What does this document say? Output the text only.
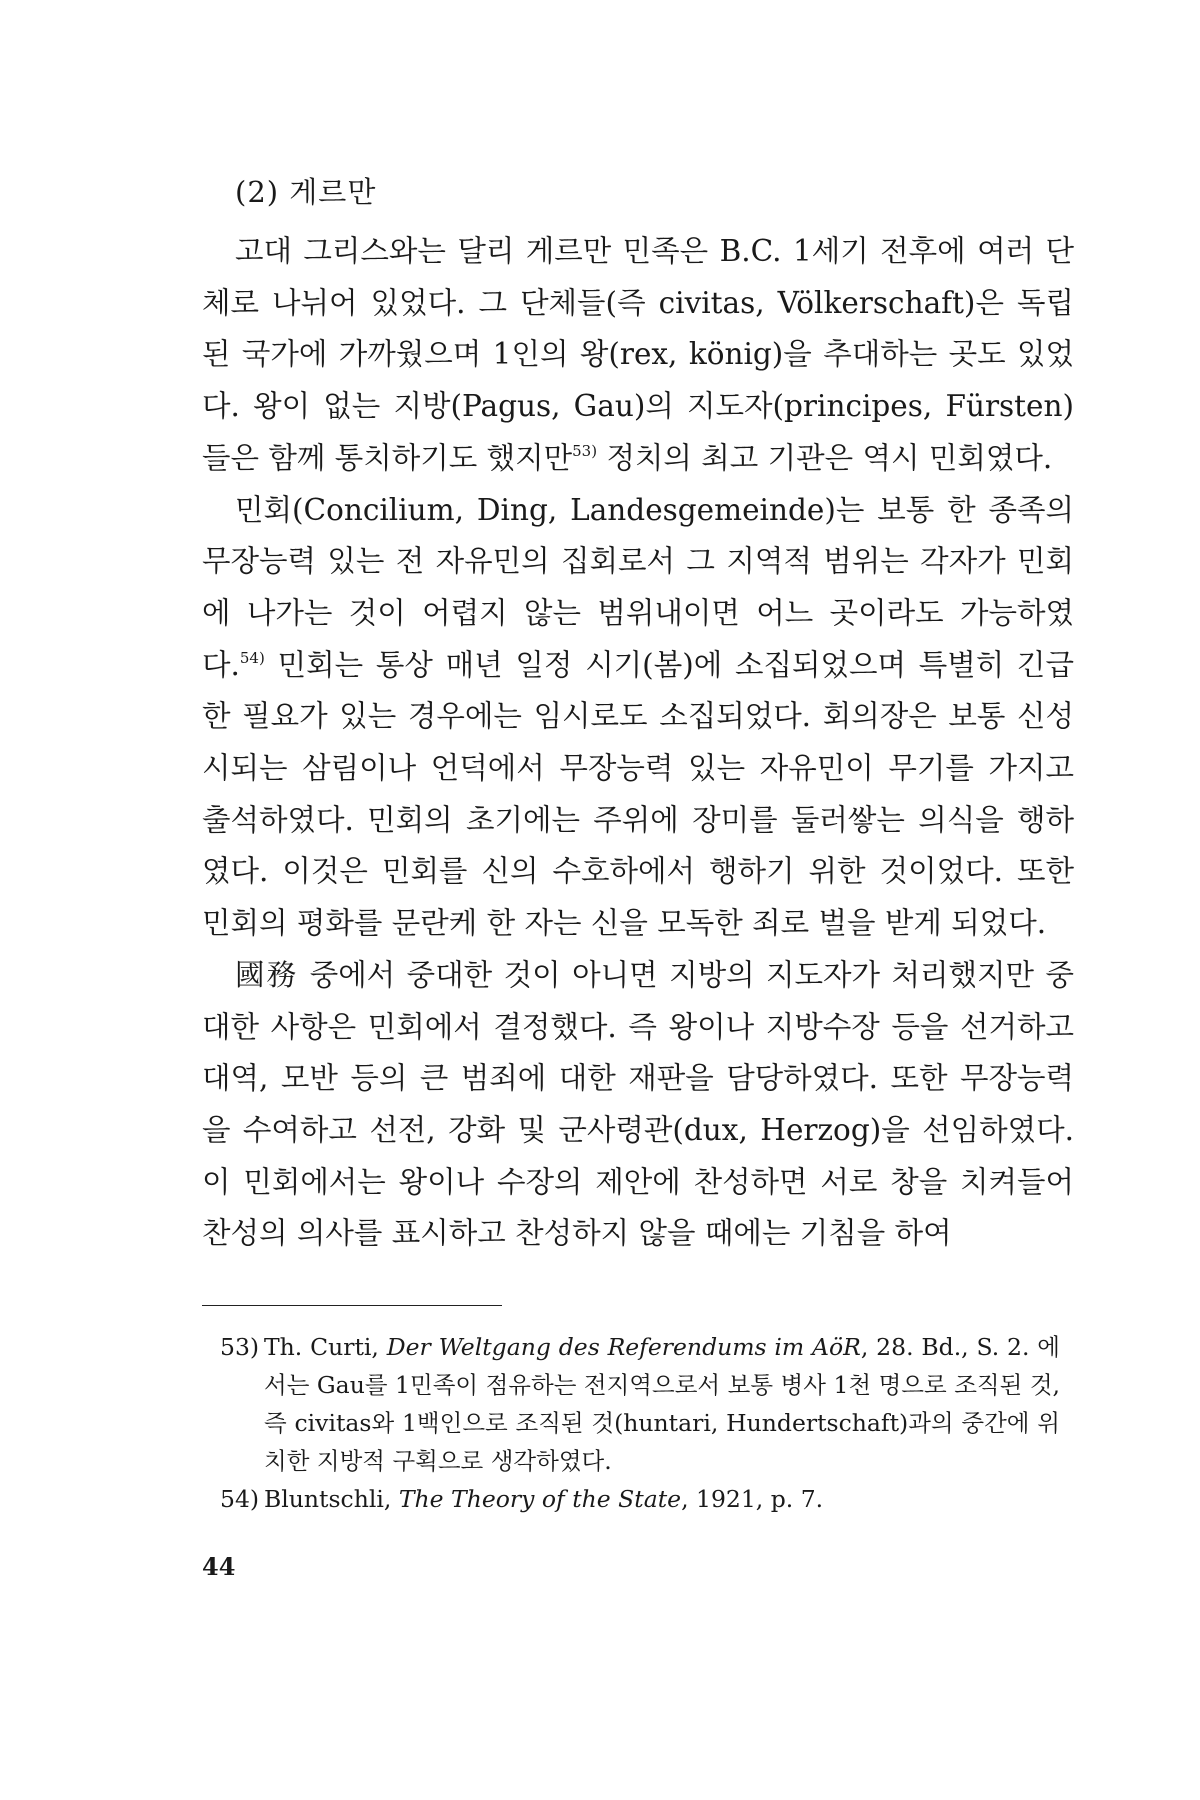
(2) 게르만

고대 그리스와는 달리 게르만 민족은 B.C. 1세기 전후에 여러 단체로 나뉘어 있었다. 그 단체들(즉 civitas, Völkerschaft)은 독립된 국가에 가까웠으며 1인의 왕(rex, könig)을 추대하는 곳도 있었다. 왕이 없는 지방(Pagus, Gau)의 지도자(principes, Fürsten)들은 함께 통치하기도 했지만$^{53)}$ 정치의 최고 기관은 역시 민회였다.

민회(Concilium, Ding, Landesgemeinde)는 보통 한 종족의 무장능력 있는 전 자유민의 집회로서 그 지역적 범위는 각자가 민회에 나가는 것이 어렵지 않는 범위내이면 어느 곳이라도 가능하였다.$^{54)}$ 민회는 통상 매년 일정 시기(봄)에 소집되었으며 특별히 긴급한 필요가 있는 경우에는 임시로도 소집되었다. 회의장은 보통 신성시되는 삼림이나 언덕에서 무장능력 있는 자유민이 무기를 가지고 출석하였다. 민회의 초기에는 주위에 장미를 둘러쌓는 의식을 행하였다. 이것은 민회를 신의 수호하에서 행하기 위한 것이었다. 또한 민회의 평화를 문란케 한 자는 신을 모독한 죄로 벌을 받게 되었다.

國務 중에서 중대한 것이 아니면 지방의 지도자가 처리했지만 중대한 사항은 민회에서 결정했다. 즉 왕이나 지방수장 등을 선거하고 대역, 모반 등의 큰 범죄에 대한 재판을 담당하였다. 또한 무장능력을 수여하고 선전, 강화 및 군사령관(dux, Herzog)을 선임하였다. 이 민회에서는 왕이나 수장의 제안에 찬성하면 서로 창을 치켜들어 찬성의 의사를 표시하고 찬성하지 않을 때에는 기침을 하여

53) Th. Curti, Der Weltgang des Referendums im AöR, 28. Bd., S. 2. 에서는 Gau를 1민족이 점유하는 전지역으로서 보통 병사 1천 명으로 조직된 것, 즉 civitas와 1백인으로 조직된 것(huntari, Hundertschaft)과의 중간에 위치한 지방적 구획으로 생각하였다.
54) Bluntschli, The Theory of the State, 1921, p. 7.
44
